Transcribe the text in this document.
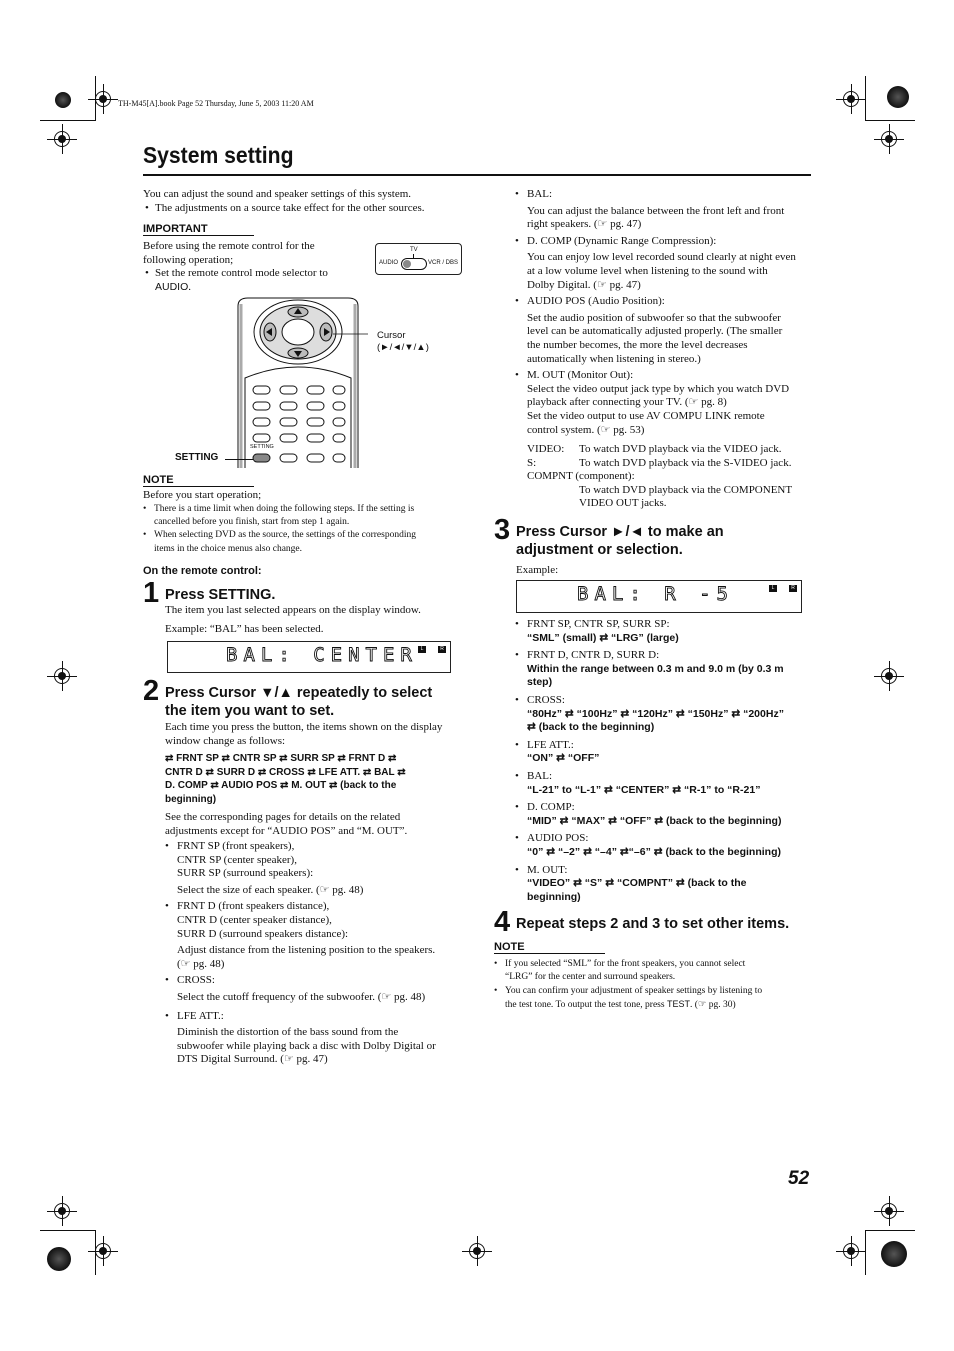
TH-M45[A].book Page 52 Thursday, June 5, 2003 11:20 AM
System setting
You can adjust the sound and speaker settings of this system.
• The adjustments on a source take effect for the other sources.
IMPORTANT
Before using the remote control for the
following operation;
• Set the remote control mode selector to
AUDIO.
TV
AUDIO	VCR / DBS
SETTING
Cursor
(►/◄/▼/▲)
SETTING
NOTE
Before you start operation;
• There is a time limit when doing the following steps. If the setting is
cancelled before you finish, start from step 1 again.
• When selecting DVD as the source, the settings of the corresponding
items in the choice menus also change.
On the remote control:
1 Press SETTING.
The item you last selected appears on the display window.
Example: “BAL” has been selected.
BAL: CENTER L	R
2 Press Cursor ▼/▲ repeatedly to select
the item you want to set.
Each time you press the button, the items shown on the display
window change as follows:
⇄ FRNT SP ⇄ CNTR SP ⇄ SURR SP ⇄ FRNT D ⇄
CNTR D ⇄ SURR D ⇄ CROSS ⇄ LFE ATT. ⇄ BAL ⇄
D. COMP ⇄ AUDIO POS ⇄ M. OUT ⇄ (back to the
beginning)
See the corresponding pages for details on the related
adjustments except for “AUDIO POS” and “M. OUT”.
• FRNT SP (front speakers),
CNTR SP (center speaker),
SURR SP (surround speakers):
Select the size of each speaker. (☞ pg. 48)
• FRNT D (front speakers distance),
CNTR D (center speaker distance),
SURR D (surround speakers distance):
Adjust distance from the listening position to the speakers.
(☞ pg. 48)
• CROSS:
Select the cutoff frequency of the subwoofer. (☞ pg. 48)
• LFE ATT.:
Diminish the distortion of the bass sound from the
subwoofer while playing back a disc with Dolby Digital or
DTS Digital Surround. (☞ pg. 47)
• BAL:
You can adjust the balance between the front left and front
right speakers. (☞ pg. 47)
• D. COMP (Dynamic Range Compression):
You can enjoy low level recorded sound clearly at night even
at a low volume level when listening to the sound with
Dolby Digital. (☞ pg. 47)
• AUDIO POS (Audio Position):
Set the audio position of subwoofer so that the subwoofer
level can be automatically adjusted properly. (The smaller
the number becomes, the more the level decreases
automatically when listening in stereo.)
• M. OUT (Monitor Out):
Select the video output jack type by which you watch DVD
playback after connecting your TV. (☞ pg. 8)
Set the video output to use AV COMPU LINK remote
control system. (☞ pg. 53)
VIDEO: To watch DVD playback via the VIDEO jack.
S:	To watch DVD playback via the S-VIDEO jack.
COMPNT (component):
To watch DVD playback via the COMPONENT
VIDEO OUT jacks.
3 Press Cursor ►/◄ to make an
adjustment or selection.
Example:
BAL: R -5	L	R
• FRNT SP, CNTR SP, SURR SP:
“SML” (small) ⇄ “LRG” (large)
• FRNT D, CNTR D, SURR D:
Within the range between 0.3 m and 9.0 m (by 0.3 m
step)
• CROSS:
“80Hz” ⇄ “100Hz” ⇄ “120Hz” ⇄ “150Hz” ⇄ “200Hz”
⇄ (back to the beginning)
• LFE ATT.:
“ON” ⇄ “OFF”
• BAL:
“L-21” to “L-1” ⇄ “CENTER” ⇄ “R-1” to “R-21”
• D. COMP:
“MID” ⇄ “MAX” ⇄ “OFF” ⇄ (back to the beginning)
• AUDIO POS:
“0” ⇄ “–2” ⇄ “–4” ⇄“–6” ⇄ (back to the beginning)
• M. OUT:
“VIDEO” ⇄ “S” ⇄ “COMPNT” ⇄ (back to the
beginning)
4 Repeat steps 2 and 3 to set other items.
NOTE
• If you selected “SML” for the front speakers, you cannot select
“LRG” for the center and surround speakers.
• You can confirm your adjustment of speaker settings by listening to
the test tone. To output the test tone, press TEST. (☞ pg. 30)
52
